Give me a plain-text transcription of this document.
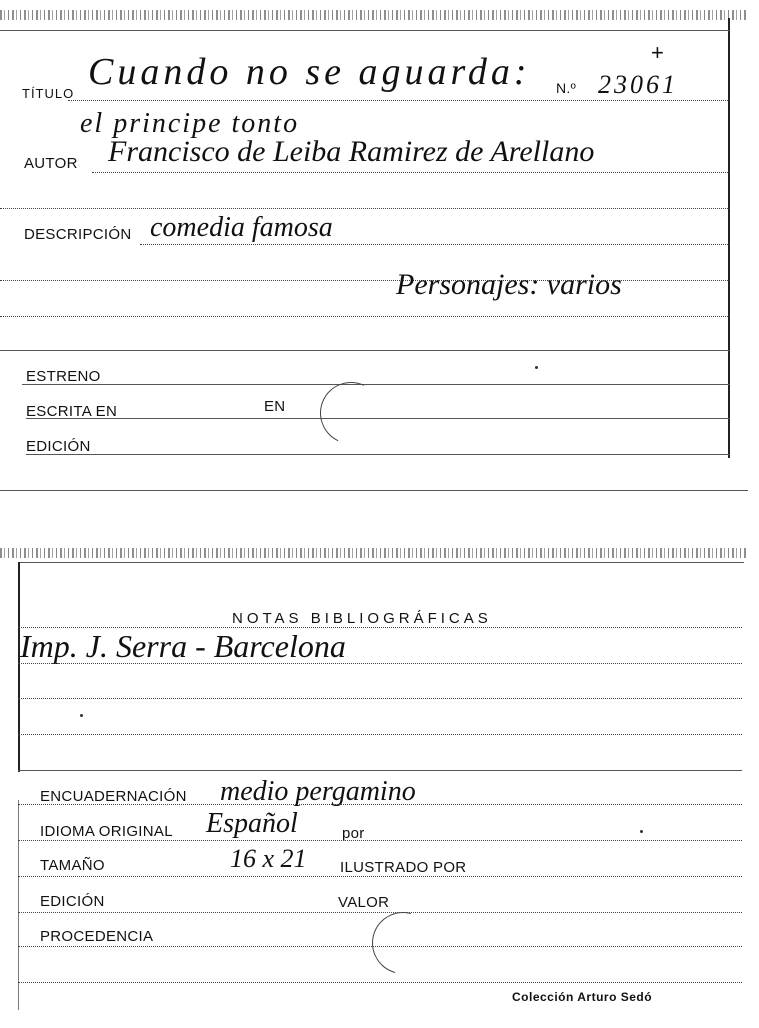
+
TÍTULO
Cuando no se aguarda: N.º 23061
el principe tonto
AUTOR Francisco de Leiba Ramirez de Arellano
DESCRIPCIÓN comedia famosa
Personajes: varios
ESTRENO
ESCRITA EN	EN
EDICIÓN
NOTAS BIBLIOGRÁFICAS
Imp. J. Serra - Barcelona
ENCUADERNACIÓN medio pergamino
IDIOMA ORIGINAL Español	por
TAMAÑO	16 x 21 ILUSTRADO POR
EDICIÓN	VALOR
PROCEDENCIA
Colección Arturo Sedó
